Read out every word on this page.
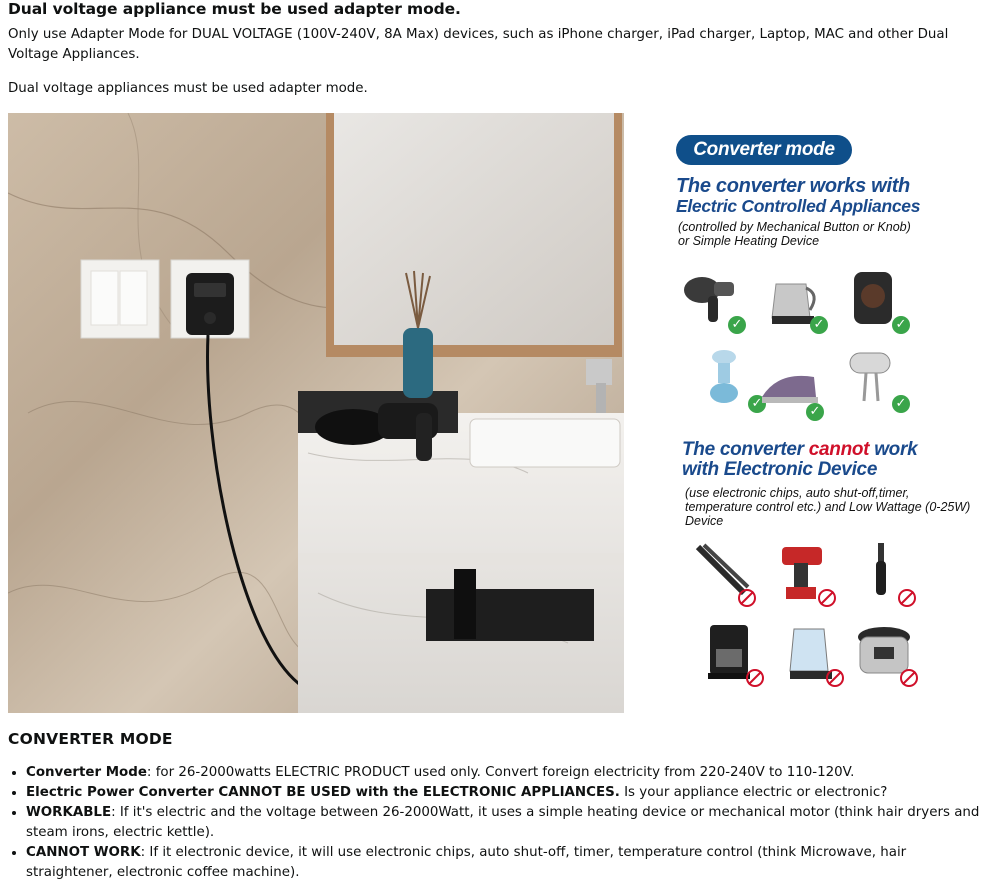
Dual voltage appliance must be used adapter mode.

Only use Adapter Mode for DUAL VOLTAGE (100V-240V, 8A Max) devices, such as iPhone charger, iPad charger, Laptop, MAC and other Dual Voltage Appliances.

Dual voltage appliances must be used adapter mode.

Converter mode
The converter works with
Electric Controlled Appliances
(controlled by Mechanical Button or Knob)
or Simple Heating Device
✓	✓	✓
✓
✓
✓
The converter cannot work
with Electronic Device
(use electronic chips, auto shut-off,timer, temperature control etc.) and Low Wattage (0-25W) Device
CONVERTER MODE
• Converter Mode: for 26-2000watts ELECTRIC PRODUCT used only. Convert foreign electricity from 220-240V to 110-120V.
• Electric Power Converter CANNOT BE USED with the ELECTRONIC APPLIANCES. Is your appliance electric or electronic?
• WORKABLE: If it's electric and the voltage between 26-2000Watt, it uses a simple heating device or mechanical motor (think hair dryers and steam irons, electric kettle).
• CANNOT WORK: If it electronic device, it will use electronic chips, auto shut-off, timer, temperature control (think Microwave, hair straightener, electronic coffee machine).
